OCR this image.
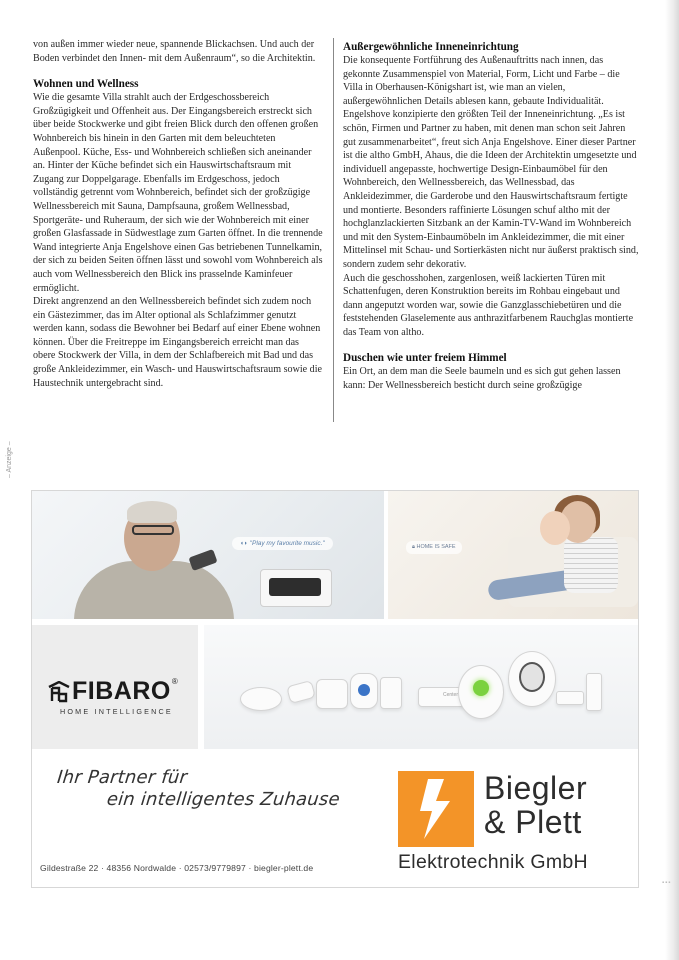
von außen immer wieder neue, spannende Blickachsen. Und auch der Boden verbindet den Innen- mit dem Außenraum“, so die Architektin.

Wohnen und Wellness

Wie die gesamte Villa strahlt auch der Erdgeschossbereich Großzügigkeit und Offenheit aus. Der Eingangsbereich erstreckt sich über beide Stockwerke und gibt freien Blick durch den offenen großen Wohnbereich bis hinein in den Garten mit dem beleuchteten Außenpool. Küche, Ess- und Wohnbereich schließen sich aneinander an. Hinter der Küche befindet sich ein Hauswirtschaftsraum mit Zugang zur Doppelgarage. Ebenfalls im Erdgeschoss, jedoch vollständig getrennt vom Wohnbereich, befindet sich der großzügige Wellnessbereich mit Sauna, Dampfsauna, großem Wellnessbad, Sportgeräte- und Ruheraum, der sich wie der Wohnbereich mit einer großen Glasfassade in Südwestlage zum Garten öffnet. In die trennende Wand integrierte Anja Engelshove einen Gas betriebenen Tunnelkamin, der sich zu beiden Seiten öffnen lässt und sowohl vom Wohnbereich als auch vom Wellnessbereich den Blick ins prasselnde Kaminfeuer ermöglicht.

Direkt angrenzend an den Wellnessbereich befindet sich zudem noch ein Gästezimmer, das im Alter optional als Schlafzimmer genutzt werden kann, sodass die Bewohner bei Bedarf auf einer Ebene wohnen können. Über die Freitreppe im Eingangsbereich erreicht man das obere Stockwerk der Villa, in dem der Schlafbereich mit Bad und das große Ankleidezimmer, ein Wasch- und Hauswirtschaftsraum sowie die Haustechnik untergebracht sind.

Außergewöhnliche Inneneinrichtung

Die konsequente Fortführung des Außenauftritts nach innen, das gekonnte Zusammenspiel von Material, Form, Licht und Farbe – die Villa in Oberhausen-Königshart ist, wie man an vielen, außergewöhnlichen Details ablesen kann, gebaute Individualität. Engelshove konzipierte den größten Teil der Inneneinrichtung. „Es ist schön, Firmen und Partner zu haben, mit denen man schon seit Jahren gut zusammenarbeitet“, freut sich Anja Engelshove. Einer dieser Partner ist die altho GmbH, Ahaus, die die Ideen der Architektin umgesetzte und individuell angepasste, hochwertige Design-Einbaumöbel für den Wohnbereich, den Wellnessbereich, das Wellnessbad, das Ankleidezimmer, die Garderobe und den Hauswirtschaftsraum fertigte und montierte. Besonders raffinierte Lösungen schuf altho mit der hochglanzlackierten Sitzbank an der Kamin-TV-Wand im Wohnbereich und mit den System-Einbaumöbeln im Ankleidezimmer, die mit einer Mittelinsel mit Schau- und Sortierkästen nicht nur äußerst praktisch sind, sondern zudem sehr dekorativ.

Auch die geschosshohen, zargenlosen, weiß lackierten Türen mit Schattenfugen, deren Konstruktion bereits im Rohbau eingebaut und dann angeputzt worden war, sowie die Ganzglasschiebetüren und die feststehenden Glaselemente aus anthrazitfarbenem Rauchglas montierte das Team von altho.

Duschen wie unter freiem Himmel

Ein Ort, an dem man die Seele baumeln und es sich gut gehen lassen kann: Der Wellnessbereich besticht durch seine großzügige

– Anzeige –
◖◗ "Play my favourite music."	🔒︎ HOME IS SAFE
FIBARO®
HOME INTELLIGENCE
Center
Ihr Partner für
ein intelligentes Zuhause
Gildestraße 22 · 48356 Nordwalde · 02573/9779897 · biegler-plett.de
Biegler
& Plett
Elektrotechnik GmbH
▪▪▪
